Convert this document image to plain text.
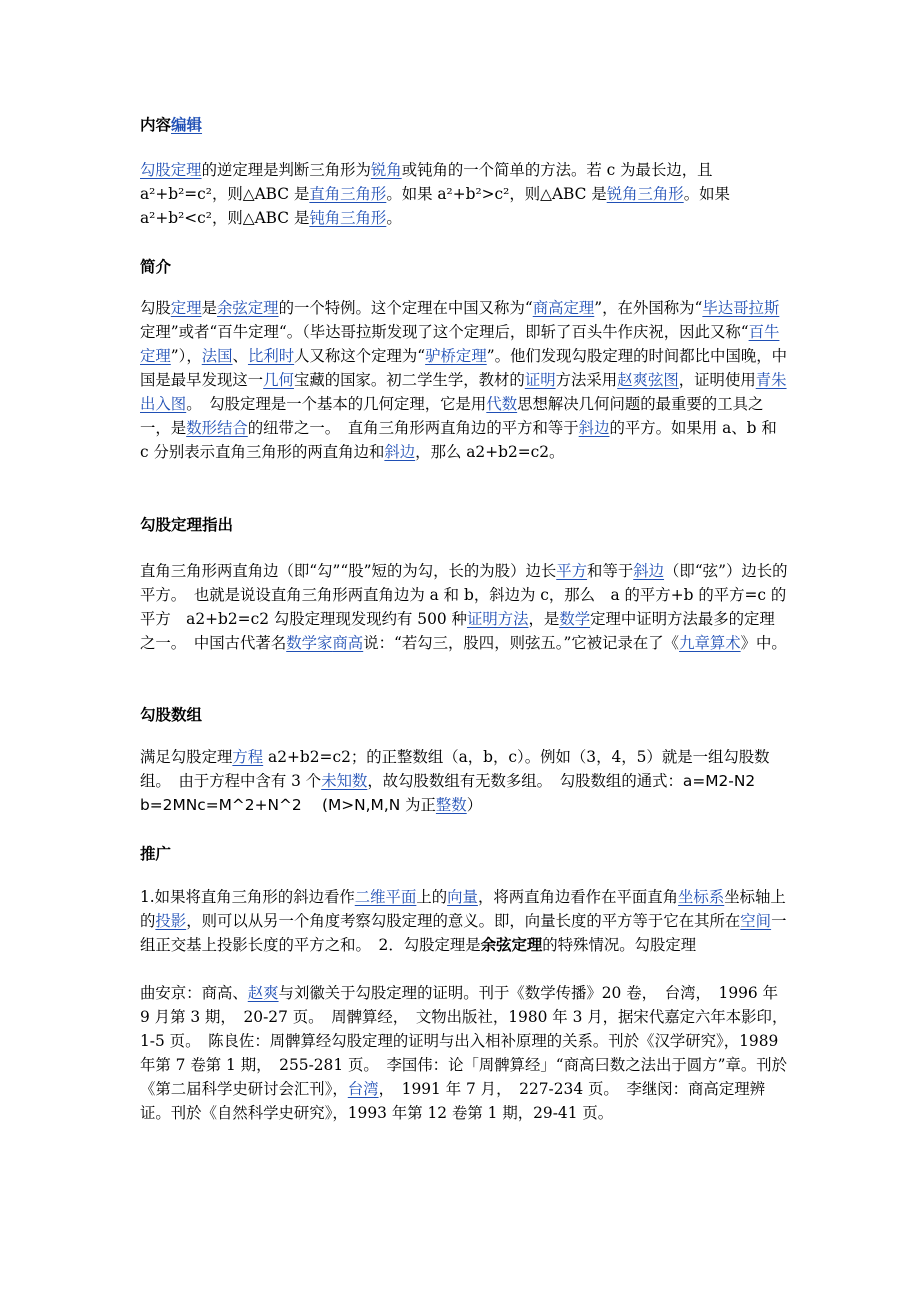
内容编辑
勾股定理的逆定理是判断三角形为锐角或钝角的一个简单的方法。若 c 为最长边，且 a²+b²=c²，则△ABC 是直角三角形。如果 a²+b²>c²，则△ABC 是锐角三角形。如果 a²+b²<c²，则△ABC 是钝角三角形。
简介
勾股定理是余弦定理的一个特例。这个定理在中国又称为“商高定理”，在外国称为“毕达哥拉斯定理”或者“百牛定理“。（毕达哥拉斯发现了这个定理后，即斩了百头牛作庆祝，因此又称“百牛定理”），法国、比利时人又称这个定理为“驴桥定理”。他们发现勾股定理的时间都比中国晚，中国是最早发现这一几何宝藏的国家。初二学生学，教材的证明方法采用赵爽弦图，证明使用青朱出入图。　勾股定理是一个基本的几何定理，它是用代数思想解决几何问题的最重要的工具之一，是数形结合的纽带之一。　直角三角形两直角边的平方和等于斜边的平方。如果用 a、b 和 c 分别表示直角三角形的两直角边和斜边，那么 a2+b2=c2。
勾股定理指出
直角三角形两直角边（即“勾”“股”短的为勾，长的为股）边长平方和等于斜边（即“弦”）边长的平方。　也就是说设直角三角形两直角边为 a 和 b，斜边为 c，那么　a 的平方+b 的平方=c 的平方　a2+b2=c2 勾股定理现发现约有 500 种证明方法，是数学定理中证明方法最多的定理之一。　中国古代著名数学家商高说：“若勾三，股四，则弦五。”它被记录在了《九章算术》中。
勾股数组
满足勾股定理方程 a2+b2=c2；的正整数组（a，b，c）。例如（3，4，5）就是一组勾股数组。　由于方程中含有 3 个未知数，故勾股数组有无数多组。　勾股数组的通式：a=M2-N2　 b=2MNc=M^2+N^2　 (M>N,M,N 为正整数）
推广
1.如果将直角三角形的斜边看作二维平面上的向量，将两直角边看作在平面直角坐标系坐标轴上的投影，则可以从另一个角度考察勾股定理的意义。即，向量长度的平方等于它在其所在空间一组正交基上投影长度的平方之和。　2．勾股定理是余弦定理的特殊情况。勾股定理
曲安京：商高、赵爽与刘徽关于勾股定理的证明。刊于《数学传播》20 卷，　台湾，　1996 年 9 月第 3 期，　20-27 页。　周髀算经，　文物出版社，1980 年 3 月，据宋代嘉定六年本影印，1-5 页。　陈良佐：周髀算经勾股定理的证明与出入相补原理的关系。刊於《汉学研究》，1989 年第 7 卷第 1 期，　255-281 页。　李国伟：论「周髀算经」“商高曰数之法出于圆方”章。刊於《第二届科学史研讨会汇刊》，台湾，　1991 年 7 月，　227-234 页。　李继闵：商高定理辨证。刊於《自然科学史研究》，1993 年第 12 卷第 1 期，29-41 页。
